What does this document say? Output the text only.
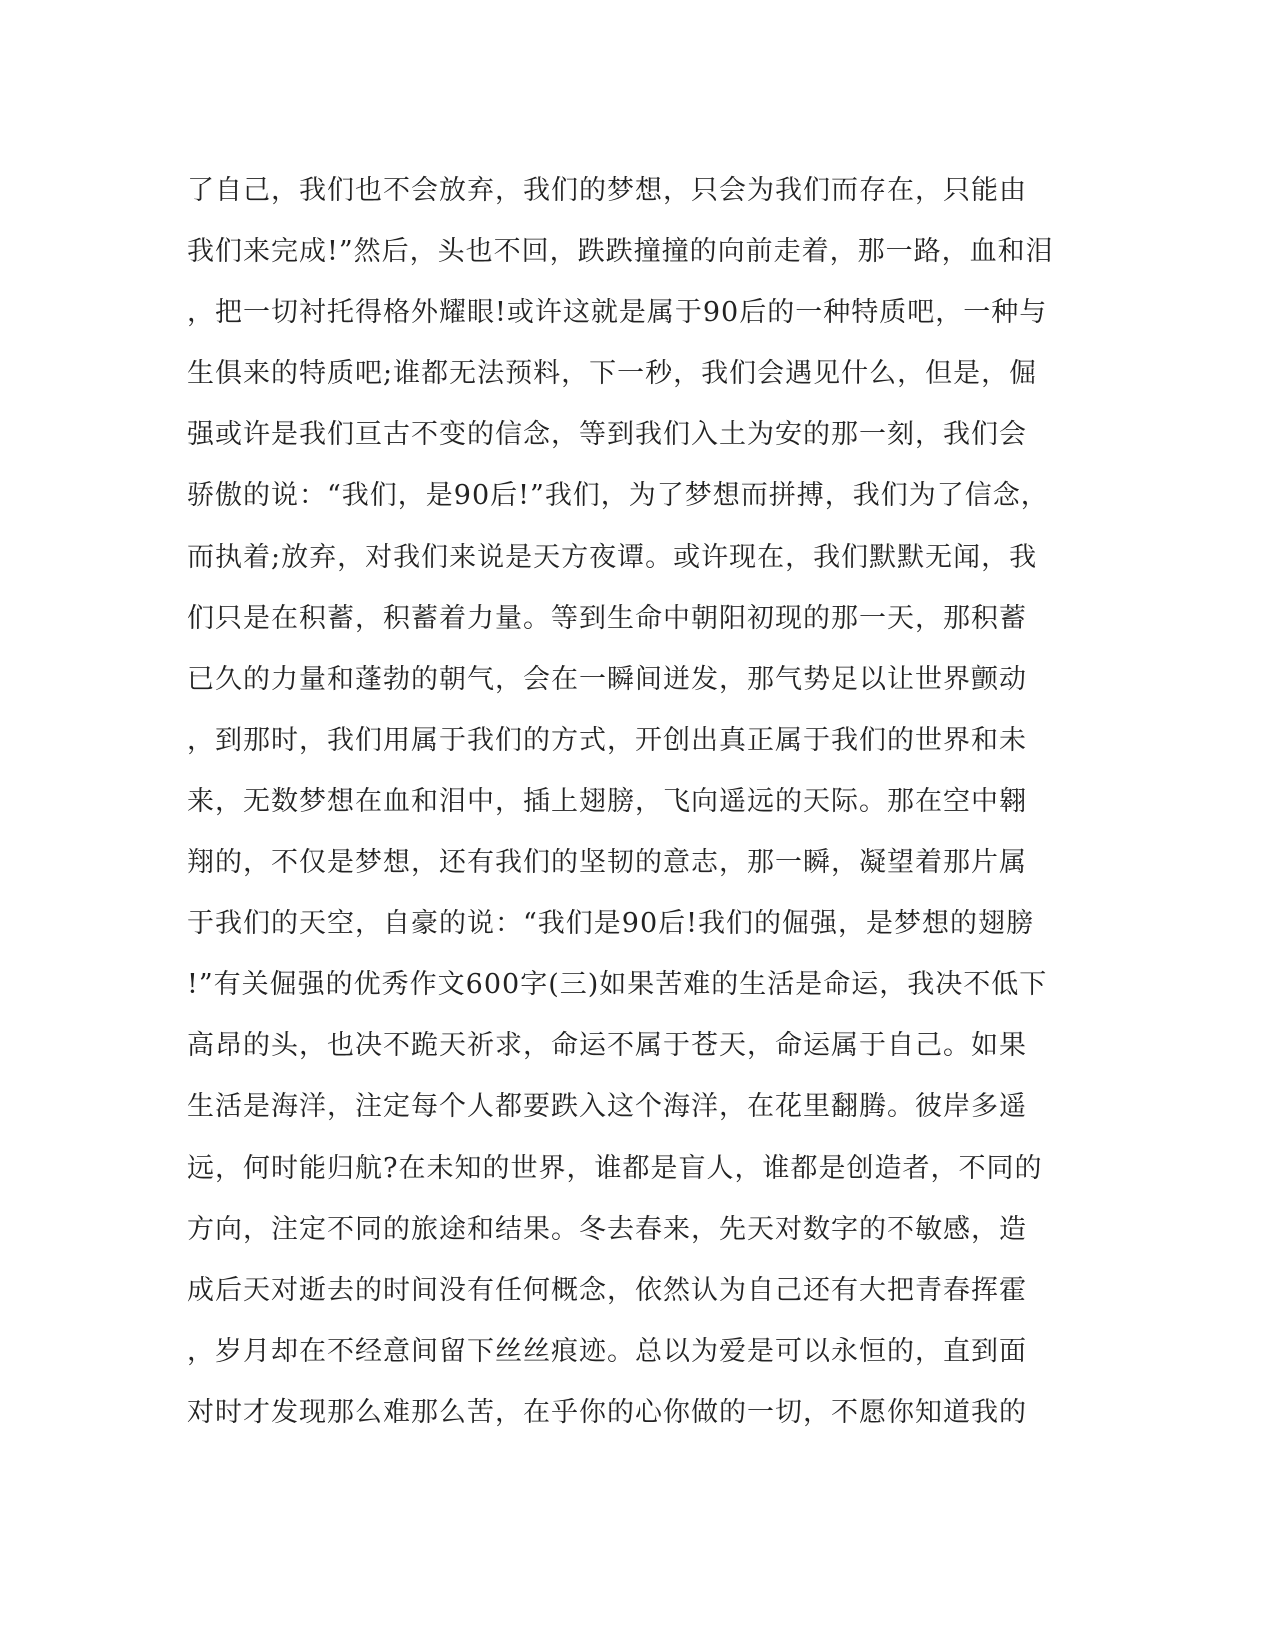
了自己，我们也不会放弃，我们的梦想，只会为我们而存在，只能由
我们来完成!”然后，头也不回，跌跌撞撞的向前走着，那一路，血和泪
，把一切衬托得格外耀眼!或许这就是属于90后的一种特质吧，一种与
生俱来的特质吧;谁都无法预料，下一秒，我们会遇见什么，但是，倔
强或许是我们亘古不变的信念，等到我们入土为安的那一刻，我们会
骄傲的说：“我们，是90后!”我们，为了梦想而拼搏，我们为了信念，
而执着;放弃，对我们来说是天方夜谭。或许现在，我们默默无闻，我
们只是在积蓄，积蓄着力量。等到生命中朝阳初现的那一天，那积蓄
已久的力量和蓬勃的朝气，会在一瞬间迸发，那气势足以让世界颤动
，到那时，我们用属于我们的方式，开创出真正属于我们的世界和未
来，无数梦想在血和泪中，插上翅膀，飞向遥远的天际。那在空中翱
翔的，不仅是梦想，还有我们的坚韧的意志，那一瞬，凝望着那片属
于我们的天空，自豪的说：“我们是90后!我们的倔强，是梦想的翅膀
!”有关倔强的优秀作文600字(三)如果苦难的生活是命运，我决不低下
高昂的头，也决不跪天祈求，命运不属于苍天，命运属于自己。如果
生活是海洋，注定每个人都要跌入这个海洋，在花里翻腾。彼岸多遥
远，何时能归航?在未知的世界，谁都是盲人，谁都是创造者，不同的
方向，注定不同的旅途和结果。冬去春来，先天对数字的不敏感，造
成后天对逝去的时间没有任何概念，依然认为自己还有大把青春挥霍
，岁月却在不经意间留下丝丝痕迹。总以为爱是可以永恒的，直到面
对时才发现那么难那么苦，在乎你的心你做的一切，不愿你知道我的
